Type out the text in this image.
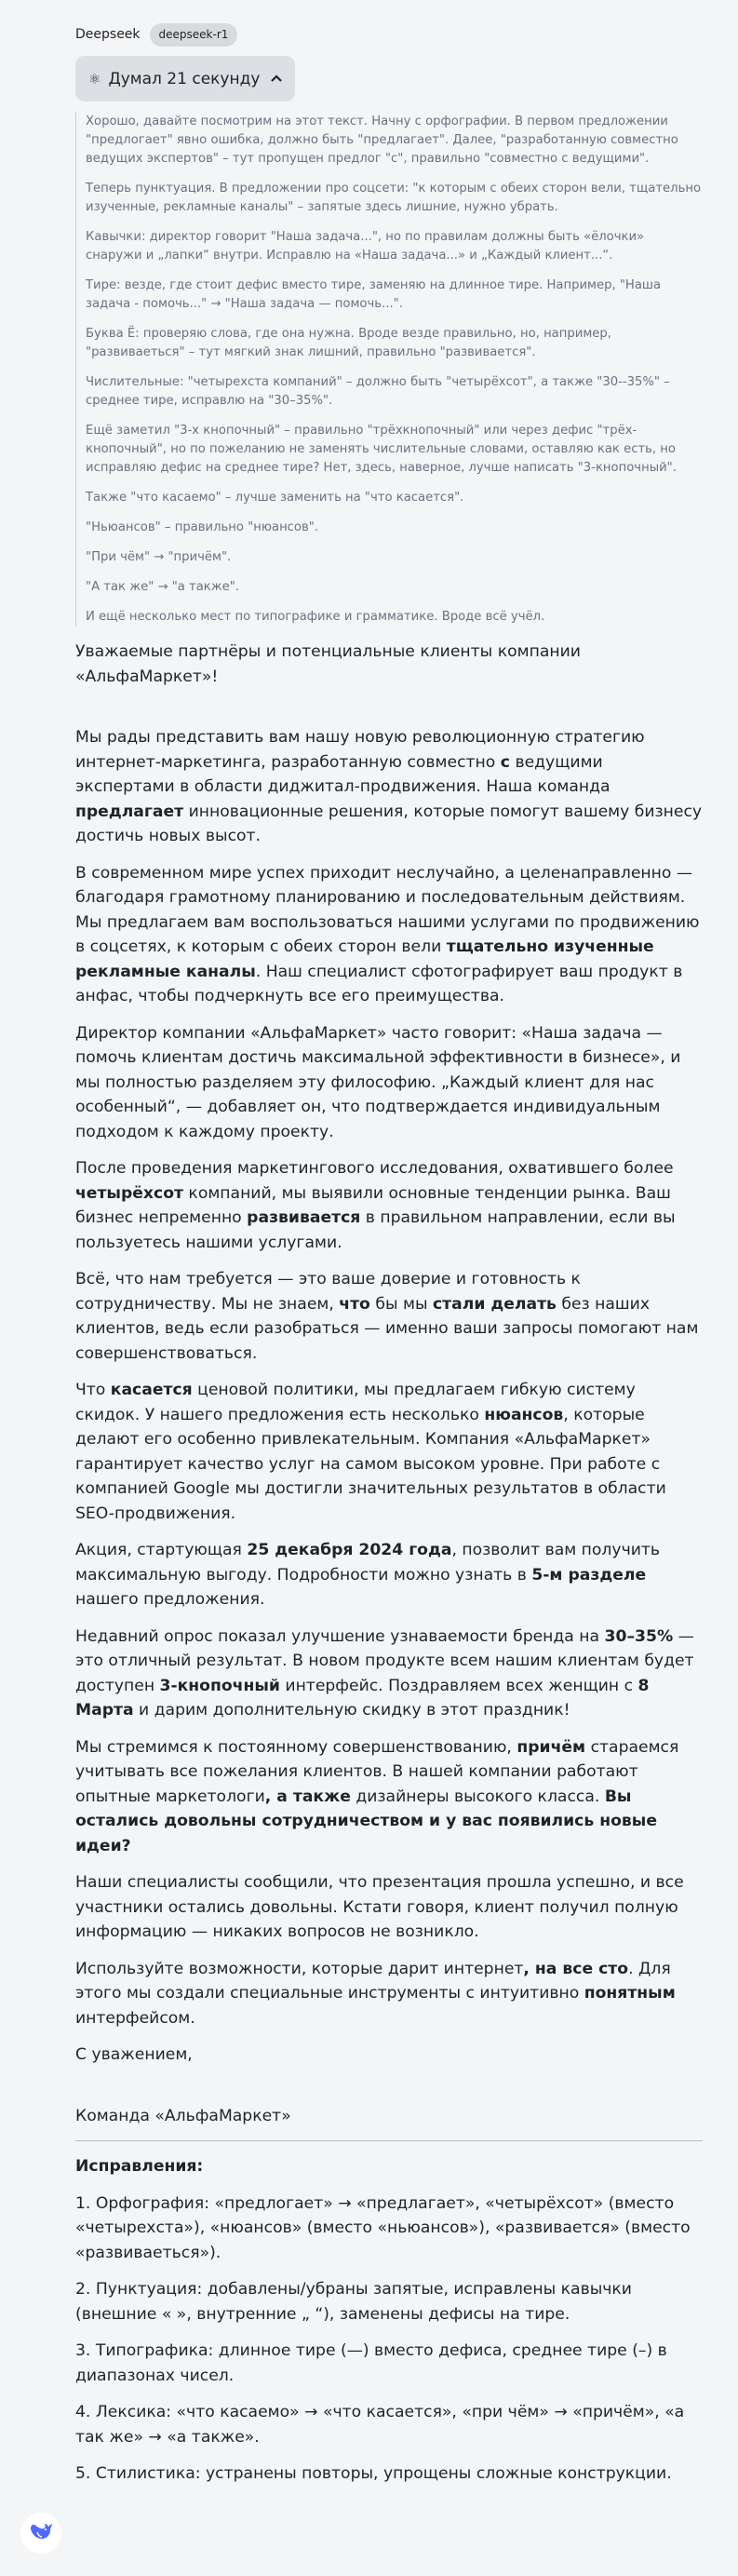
Deepseek	deepseek-r1
⚛ Думал 21 секунду

Хорошо, давайте посмотрим на этот текст. Начну с орфографии. В первом предложении "предлогает" явно ошибка, должно быть "предлагает". Далее, "разработанную совместно ведущих экспертов" – тут пропущен предлог "с", правильно "совместно с ведущими".

Теперь пунктуация. В предложении про соцсети: "к которым с обеих сторон вели, тщательно изученные, рекламные каналы" – запятые здесь лишние, нужно убрать.

Кавычки: директор говорит "Наша задача...", но по правилам должны быть «ёлочки» снаружи и „лапки“ внутри. Исправлю на «Наша задача...» и „Каждый клиент...“.

Тире: везде, где стоит дефис вместо тире, заменяю на длинное тире. Например, "Наша задача - помочь..." → "Наша задача — помочь...".

Буква Ё: проверяю слова, где она нужна. Вроде везде правильно, но, например, "развиваеться" – тут мягкий знак лишний, правильно "развивается".

Числительные: "четырехста компаний" – должно быть "четырёхсот", а также "30--35%" – среднее тире, исправлю на "30–35%".

Ещё заметил "3-х кнопочный" – правильно "трёхкнопочный" или через дефис "трёх-кнопочный", но по пожеланию не заменять числительные словами, оставляю как есть, но исправляю дефис на среднее тире? Нет, здесь, наверное, лучше написать "3-кнопочный".

Также "что касаемо" – лучше заменить на "что касается".

"Ньюансов" – правильно "нюансов".

"При чём" → "причём".

"А так же" → "а также".

И ещё несколько мест по типографике и грамматике. Вроде всё учёл.

Уважаемые партнёры и потенциальные клиенты компании «АльфаМаркет»!

Мы рады представить вам нашу новую революционную стратегию интернет-маркетинга, разработанную совместно с ведущими экспертами в области диджитал-продвижения. Наша команда предлагает инновационные решения, которые помогут вашему бизнесу достичь новых высот.

В современном мире успех приходит неслучайно, а целенаправленно — благодаря грамотному планированию и последовательным действиям. Мы предлагаем вам воспользоваться нашими услугами по продвижению в соцсетях, к которым с обеих сторон вели тщательно изученные рекламные каналы. Наш специалист сфотографирует ваш продукт в анфас, чтобы подчеркнуть все его преимущества.

Директор компании «АльфаМаркет» часто говорит: «Наша задача — помочь клиентам достичь максимальной эффективности в бизнесе», и мы полностью разделяем эту философию. „Каждый клиент для нас особенный“, — добавляет он, что подтверждается индивидуальным подходом к каждому проекту.

После проведения маркетингового исследования, охватившего более четырёхсот компаний, мы выявили основные тенденции рынка. Ваш бизнес непременно развивается в правильном направлении, если вы пользуетесь нашими услугами.

Всё, что нам требуется — это ваше доверие и готовность к сотрудничеству. Мы не знаем, что бы мы стали делать без наших клиентов, ведь если разобраться — именно ваши запросы помогают нам совершенствоваться.

Что касается ценовой политики, мы предлагаем гибкую систему скидок. У нашего предложения есть несколько нюансов, которые делают его особенно привлекательным. Компания «АльфаМаркет» гарантирует качество услуг на самом высоком уровне. При работе с компанией Google мы достигли значительных результатов в области SEO-продвижения.

Акция, стартующая 25 декабря 2024 года, позволит вам получить максимальную выгоду. Подробности можно узнать в 5-м разделе нашего предложения.

Недавний опрос показал улучшение узнаваемости бренда на 30–35% — это отличный результат. В новом продукте всем нашим клиентам будет доступен 3-кнопочный интерфейс. Поздравляем всех женщин с 8 Марта и дарим дополнительную скидку в этот праздник!

Мы стремимся к постоянному совершенствованию, причём стараемся учитывать все пожелания клиентов. В нашей компании работают опытные маркетологи, а также дизайнеры высокого класса. Вы остались довольны сотрудничеством и у вас появились новые идеи?

Наши специалисты сообщили, что презентация прошла успешно, и все участники остались довольны. Кстати говоря, клиент получил полную информацию — никаких вопросов не возникло.

Используйте возможности, которые дарит интернет, на все сто. Для этого мы создали специальные инструменты с интуитивно понятным интерфейсом.

С уважением,

Команда «АльфаМаркет»

Исправления:

1. Орфография: «предлогает» → «предлагает», «четырёхсот» (вместо «четырехста»), «нюансов» (вместо «ньюансов»), «развивается» (вместо «развиваеться»).

2. Пунктуация: добавлены/убраны запятые, исправлены кавычки (внешние « », внутренние „ “), заменены дефисы на тире.

3. Типографика: длинное тире (—) вместо дефиса, среднее тире (–) в диапазонах чисел.

4. Лексика: «что касаемо» → «что касается», «при чём» → «причём», «а так же» → «а также».

5. Стилистика: устранены повторы, упрощены сложные конструкции.
